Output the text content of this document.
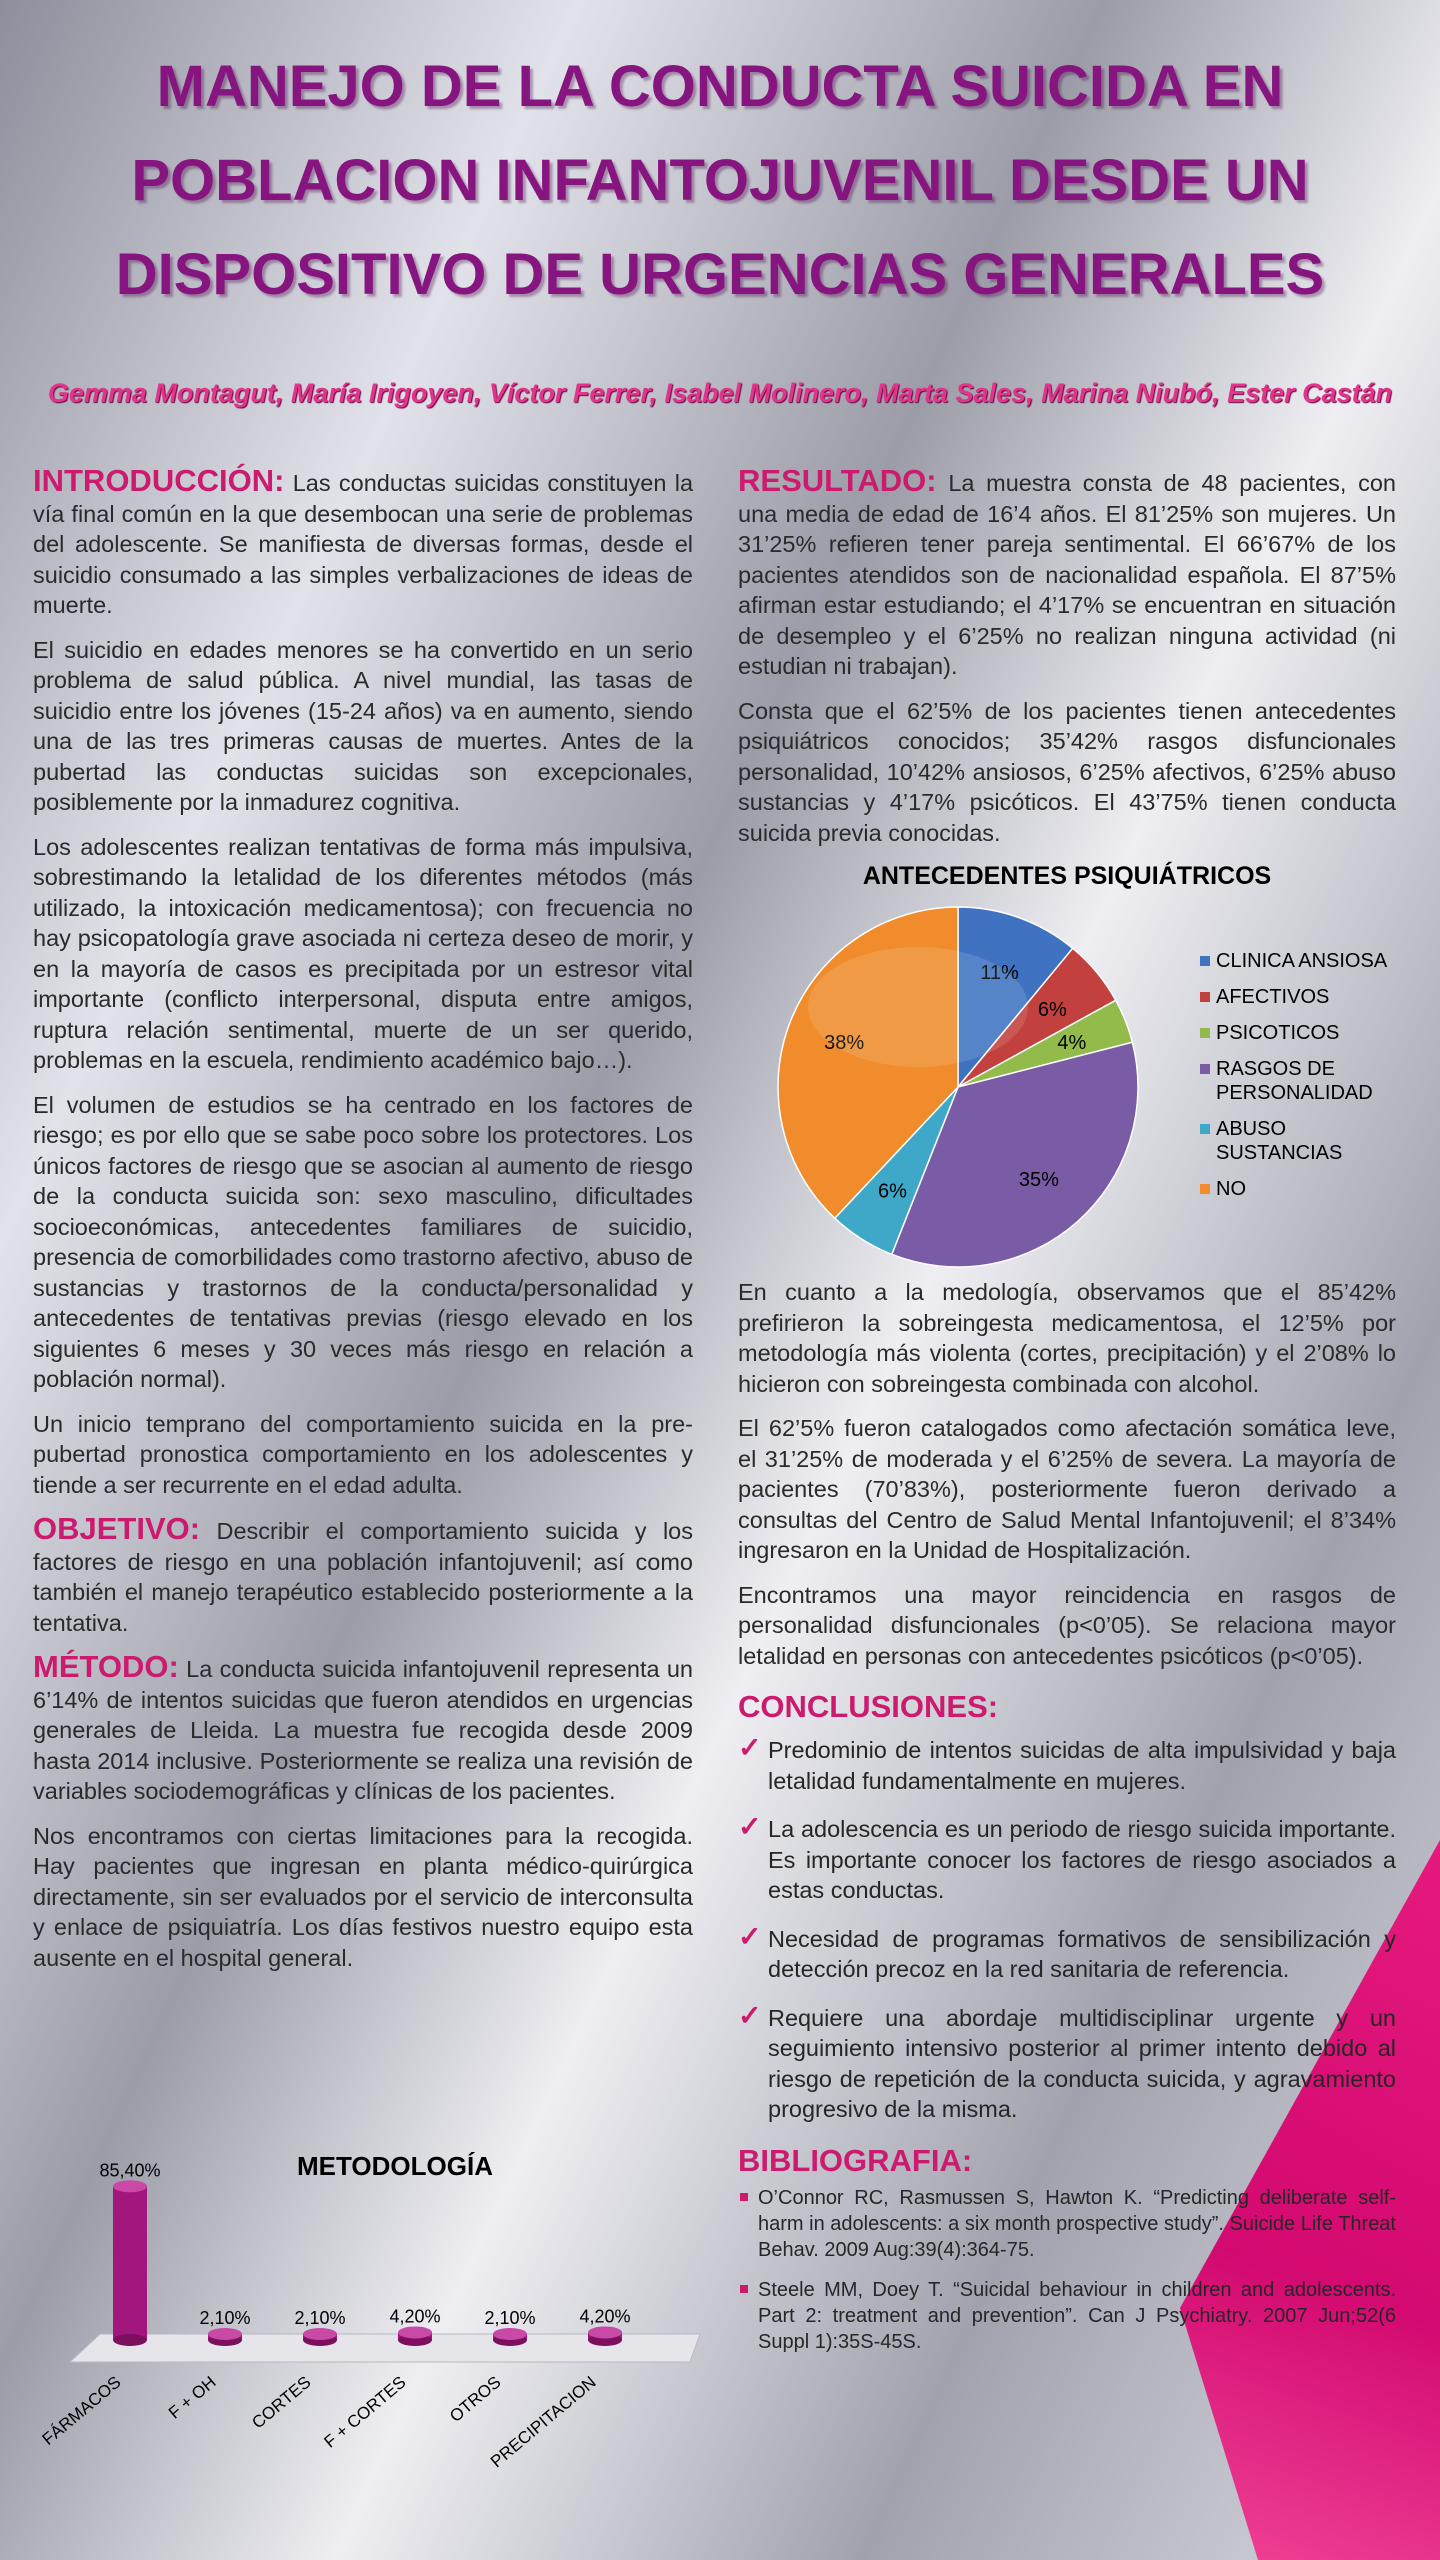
MANEJO DE LA CONDUCTA SUICIDA EN
POBLACION INFANTOJUVENIL DESDE UN
DISPOSITIVO DE URGENCIAS GENERALES

Gemma Montagut, María Irigoyen, Víctor Ferrer, Isabel Molinero, Marta Sales, Marina Niubó, Ester Castán

INTRODUCCIÓN: Las conductas suicidas constituyen la vía final común en la que desembocan una serie de problemas del adolescente. Se manifiesta de diversas formas, desde el suicidio consumado a las simples verbalizaciones de ideas de muerte.

El suicidio en edades menores se ha convertido en un serio problema de salud pública. A nivel mundial, las tasas de suicidio entre los jóvenes (15-24 años) va en aumento, siendo una de las tres primeras causas de muertes. Antes de la pubertad las conductas suicidas son excepcionales, posiblemente por la inmadurez cognitiva.

Los adolescentes realizan tentativas de forma más impulsiva, sobrestimando la letalidad de los diferentes métodos (más utilizado, la intoxicación medicamentosa); con frecuencia no hay psicopatología grave asociada ni certeza deseo de morir, y en la mayoría de casos es precipitada por un estresor vital importante (conflicto interpersonal, disputa entre amigos, ruptura relación sentimental, muerte de un ser querido, problemas en la escuela, rendimiento académico bajo…).

El volumen de estudios se ha centrado en los factores de riesgo; es por ello que se sabe poco sobre los protectores. Los únicos factores de riesgo que se asocian al aumento de riesgo de la conducta suicida son: sexo masculino, dificultades socioeconómicas, antecedentes familiares de suicidio, presencia de comorbilidades como trastorno afectivo, abuso de sustancias y trastornos de la conducta/personalidad y antecedentes de tentativas previas (riesgo elevado en los siguientes 6 meses y 30 veces más riesgo en relación a población normal).

Un inicio temprano del comportamiento suicida en la pre-pubertad pronostica comportamiento en los adolescentes y tiende a ser recurrente en el edad adulta.

OBJETIVO: Describir el comportamiento suicida y los factores de riesgo en una población infantojuvenil; así como también el manejo terapéutico establecido posteriormente a la tentativa.

MÉTODO: La conducta suicida infantojuvenil representa un 6’14% de intentos suicidas que fueron atendidos en urgencias generales de Lleida. La muestra fue recogida desde 2009 hasta 2014 inclusive. Posteriormente se realiza una revisión de variables sociodemográficas y clínicas de los pacientes.

Nos encontramos con ciertas limitaciones para la recogida. Hay pacientes que ingresan en planta médico-quirúrgica directamente, sin ser evaluados por el servicio de interconsulta y enlace de psiquiatría. Los días festivos nuestro equipo esta ausente en el hospital general.

METODOLOGÍA
85,40%
FÁRMACOS
2,10%
F + OH
2,10%
CORTES
4,20%
F + CORTES
2,10%
OTROS
4,20%
PRECIPITACION

RESULTADO: La muestra consta de 48 pacientes, con una media de edad de 16’4 años. El 81’25% son mujeres. Un 31’25% refieren tener pareja sentimental. El 66’67% de los pacientes atendidos son de nacionalidad española. El 87’5% afirman estar estudiando; el 4’17% se encuentran en situación de desempleo y el 6’25% no realizan ninguna actividad (ni estudian ni trabajan).

Consta que el 62’5% de los pacientes tienen antecedentes psiquiátricos conocidos; 35’42% rasgos disfuncionales personalidad, 10’42% ansiosos, 6’25% afectivos, 6’25% abuso sustancias y 4’17% psicóticos. El 43’75% tienen conducta suicida previa conocidas.

ANTECEDENTES PSIQUIÁTRICOS
11%
6%
4%
35%
6%
38%
CLINICA ANSIOSA
AFECTIVOS
PSICOTICOS
RASGOS DE PERSONALIDAD
ABUSO SUSTANCIAS
NO

En cuanto a la medología, observamos que el 85’42% prefirieron la sobreingesta medicamentosa, el 12’5% por metodología más violenta (cortes, precipitación) y el 2’08% lo hicieron con sobreingesta combinada con alcohol.

El 62’5% fueron catalogados como afectación somática leve, el 31’25% de moderada y el 6’25% de severa. La mayoría de pacientes (70’83%), posteriormente fueron derivado a consultas del Centro de Salud Mental Infantojuvenil; el 8’34% ingresaron en la Unidad de Hospitalización.

Encontramos una mayor reincidencia en rasgos de personalidad disfuncionales (p<0’05). Se relaciona mayor letalidad en personas con antecedentes psicóticos (p<0’05).

CONCLUSIONES:
✓ Predominio de intentos suicidas de alta impulsividad y baja letalidad fundamentalmente en mujeres.
✓ La adolescencia es un periodo de riesgo suicida importante. Es importante conocer los factores de riesgo asociados a estas conductas.
✓ Necesidad de programas formativos de sensibilización y detección precoz en la red sanitaria de referencia.
✓ Requiere una abordaje multidisciplinar urgente y un seguimiento intensivo posterior al primer intento debido al riesgo de repetición de la conducta suicida, y agravamiento progresivo de la misma.
BIBLIOGRAFIA:
O’Connor RC, Rasmussen S, Hawton K. “Predicting deliberate self-harm in adolescents: a six month prospective study”. Suicide Life Threat Behav. 2009 Aug:39(4):364-75.
Steele MM, Doey T. “Suicidal behaviour in children and adolescents. Part 2: treatment and prevention”. Can J Psychiatry. 2007 Jun;52(6 Suppl 1):35S-45S.
